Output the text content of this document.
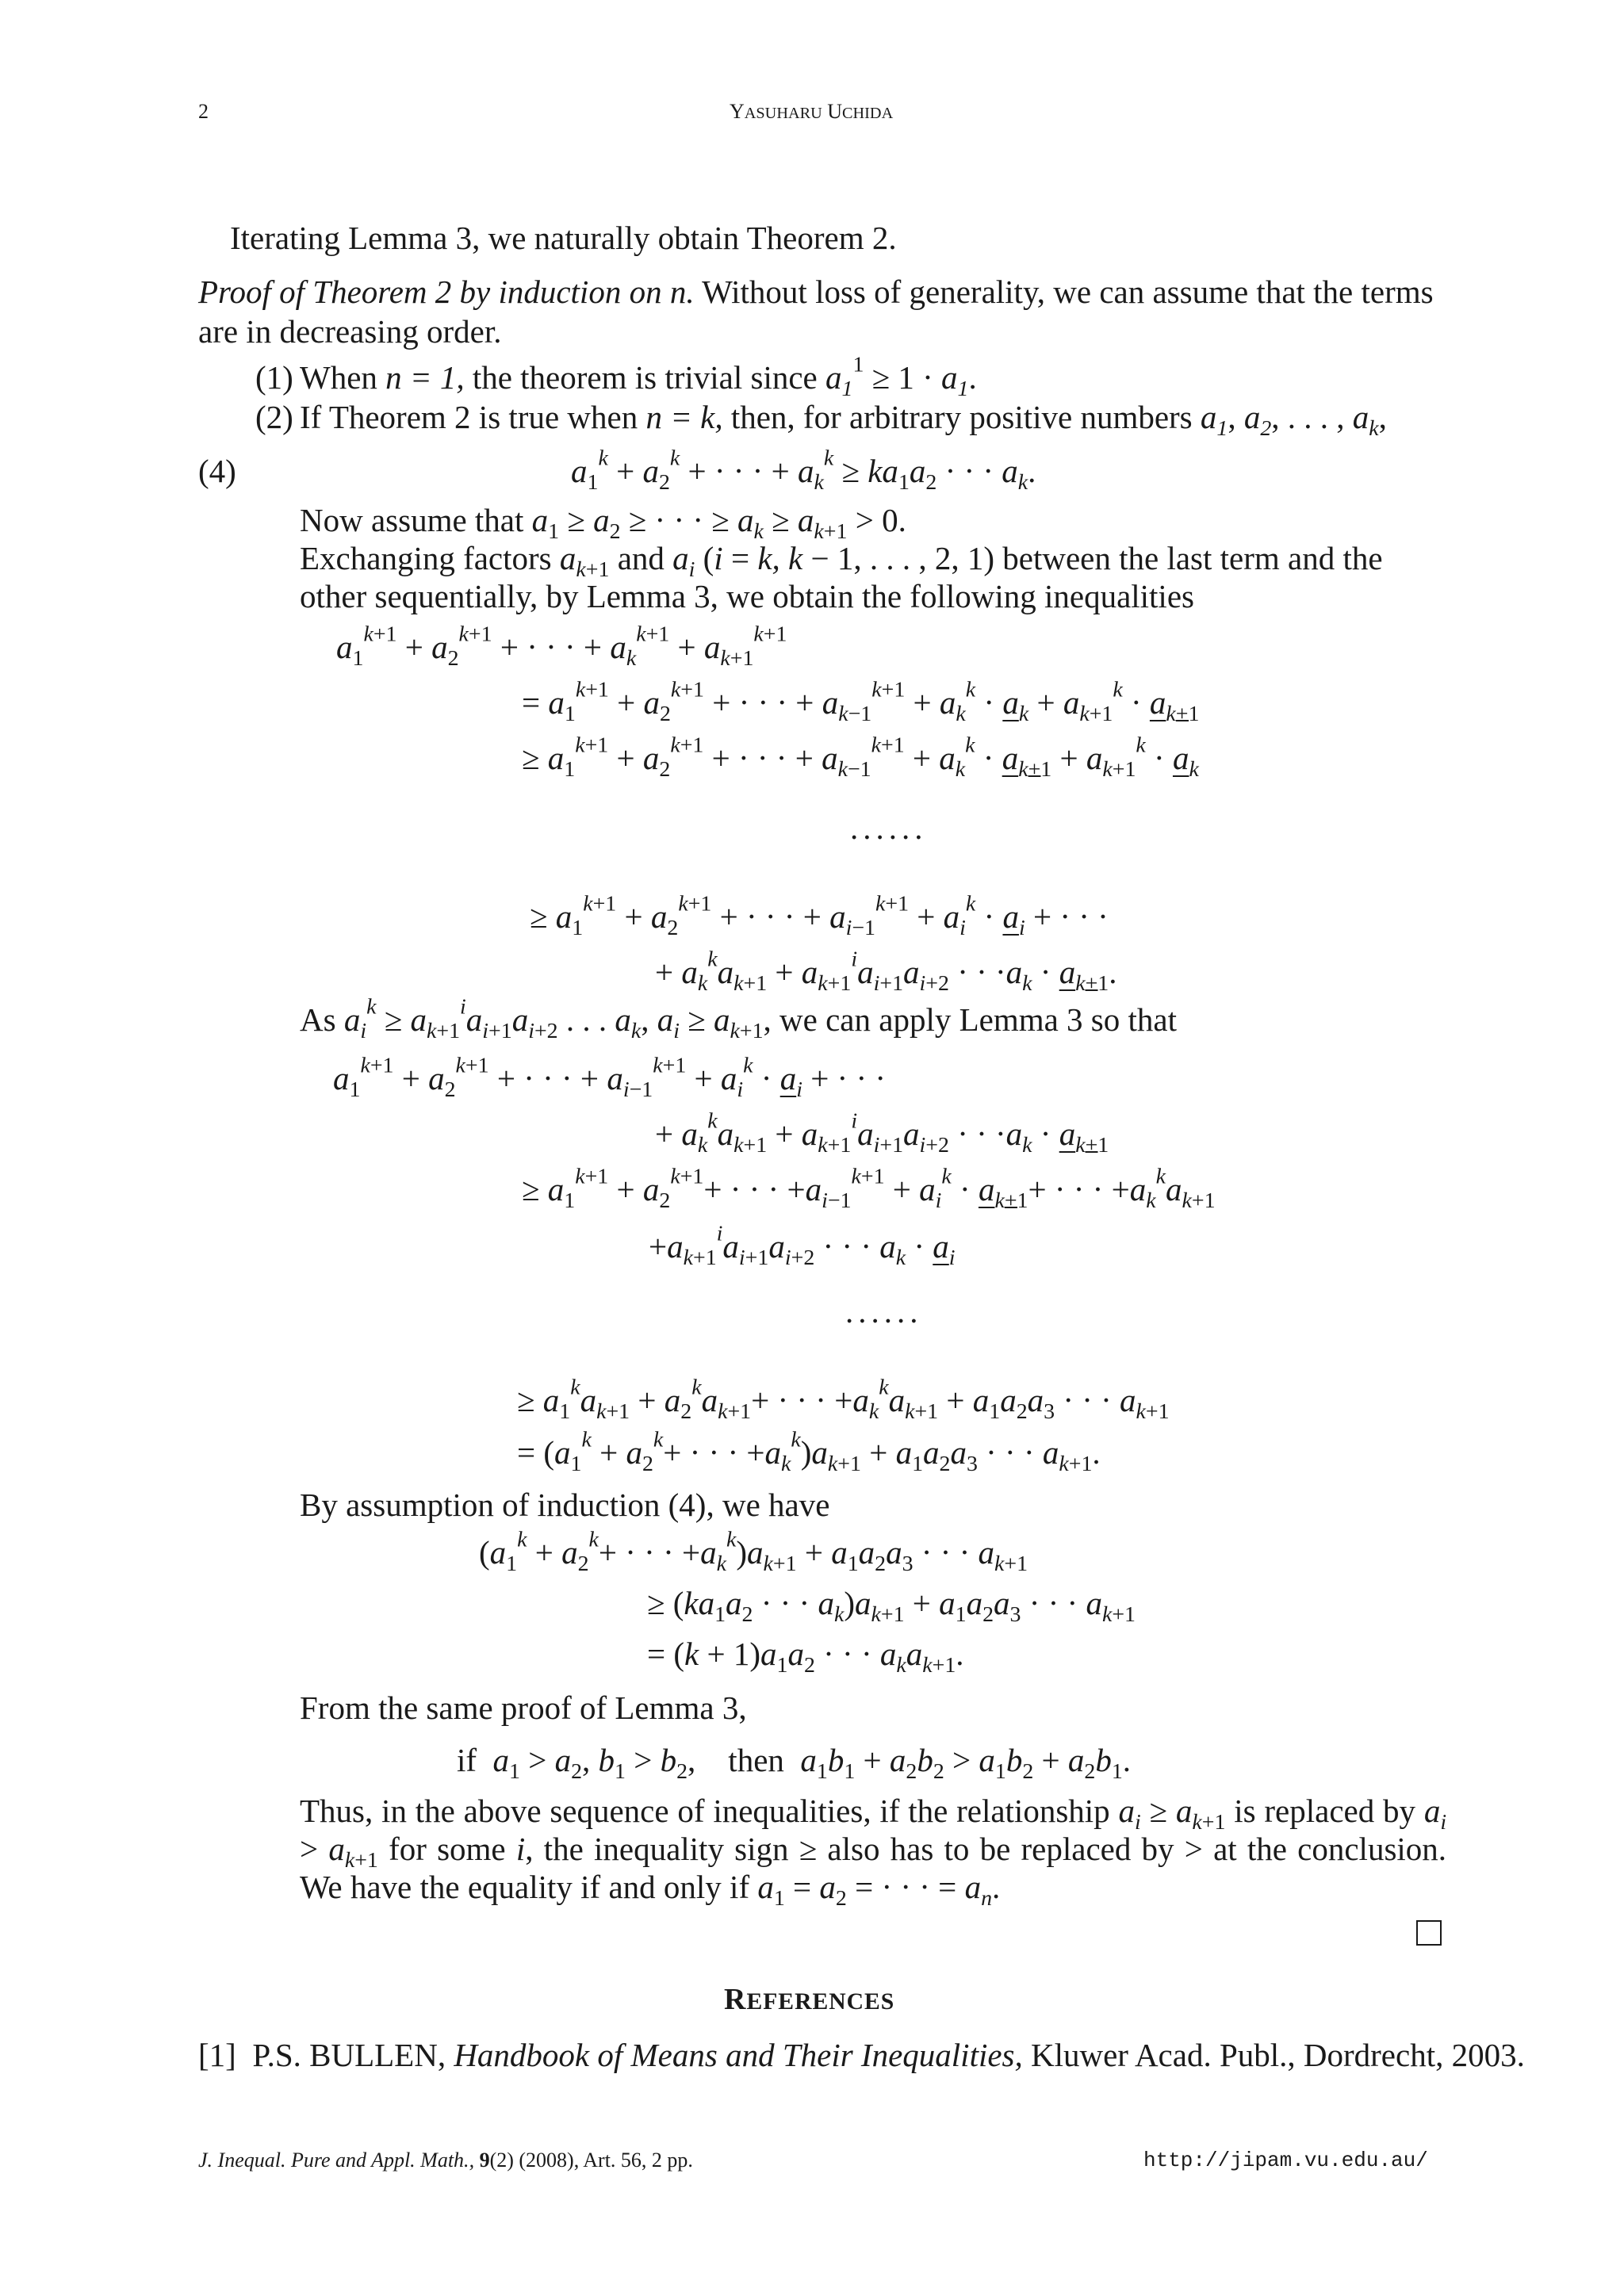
2	YASUHARU UCHIDA
Iterating Lemma 3, we naturally obtain Theorem 2.
Proof of Theorem 2 by induction on n. Without loss of generality, we can assume that the terms
are in decreasing order.
(1) When n = 1, the theorem is trivial since $a_1^1 \ge 1 \cdot a_1$.
(2) If Theorem 2 is true when n = k, then, for arbitrary positive numbers $a_1$, $a_2$, . . . , $a_k$,
(4)	$a_1^k + a_2^k$ + · · · + $a_k^k \ge ka_1a_2$ · · · $a_k$.
Now assume that $a_1 \ge a_2$ ≥ · · · ≥ $a_k \ge a_{k+1} > 0$.
Exchanging factors $a_{k+1}$ and $a_i$ (i = k, k − 1, . . . , 2, 1) between the last term and the
other sequentially, by Lemma 3, we obtain the following inequalities
$a_1^{k+1} + a_2^{k+1}$ + · · · + $a_k^{k+1} + a_{k+1}^{k+1}$
= $a_1^{k+1} + a_2^{k+1}$ + · · · + $a_{k-1}^{k+1} + a_k^k \cdot a_k + a_{k+1}^k \cdot a_{k+1}$
≥ $a_1^{k+1} + a_2^{k+1}$ + · · · + $a_{k-1}^{k+1} + a_k^k \cdot a_{k+1} + a_{k+1}^k \cdot a_k$
......
≥ $a_1^{k+1} + a_2^{k+1}$ + · · · + $a_{i-1}^{k+1} + a_i^k \cdot a_i$ + · · ·
+ $a_k^ka_{k+1} + a_{k+1}^ia_{i+1}a_{i+2}$ · · $\cdot a_k \cdot a_{k+1}$.
As $a_i^k \ge a_{k+1}^ia_{i+1}a_{i+2}$ . . . $a_k$, $a_i \ge a_{k+1}$, we can apply Lemma 3 so that
$a_1^{k+1} + a_2^{k+1}$ + · · · + $a_{i-1}^{k+1} + a_i^k \cdot a_i$ + · · ·
+ $a_k^ka_{k+1} + a_{k+1}^ia_{i+1}a_{i+2}$ · · $\cdot a_k \cdot a_{k+1}$
≥ $a_1^{k+1} + a_2^{k+1}+$ · · · $+a_{i-1}^{k+1} + a_i^k \cdot a_{k+1}+$ · · · $+a_k^ka_{k+1}$
$+a_{k+1}^ia_{i+1}a_{i+2}$ · · · $a_k \cdot a_i$
......
≥ $a_1^ka_{k+1} + a_2^ka_{k+1}+$ · · · $+a_k^ka_{k+1} + a_1a_2a_3$ · · · $a_{k+1}$
= ($a_1^k + a_2^k+$ · · · $+a_k^k)a_{k+1} + a_1a_2a_3$ · · · $a_{k+1}$.
By assumption of induction (4), we have
($a_1^k + a_2^k+$ · · · $+a_k^k)a_{k+1} + a_1a_2a_3$ · · · $a_{k+1}$
≥ ($ka_1a_2$ · · · $a_k)a_{k+1} + a_1a_2a_3$ · · · $a_{k+1}$
= $(k + 1)a_1a_2$ · · · $a_ka_{k+1}$.
From the same proof of Lemma 3,
if $a_1 > a_2$, $b_1 > b_2$, then $a_1b_1 + a_2b_2 > a_1b_2 + a_2b_1$.
Thus, in the above sequence of inequalities, if the relationship $a_i \ge a_{k+1}$ is replaced by $a_i > a_{k+1}$ for some i, the inequality sign ≥ also has to be replaced by > at the conclusion. We have the equality if and only if $a_1 = a_2$ = · · · = $a_n$.
REFERENCES
[1] P.S. BULLEN, Handbook of Means and Their Inequalities, Kluwer Acad. Publ., Dordrecht, 2003.
J. Inequal. Pure and Appl. Math., 9(2) (2008), Art. 56, 2 pp.	http://jipam.vu.edu.au/
